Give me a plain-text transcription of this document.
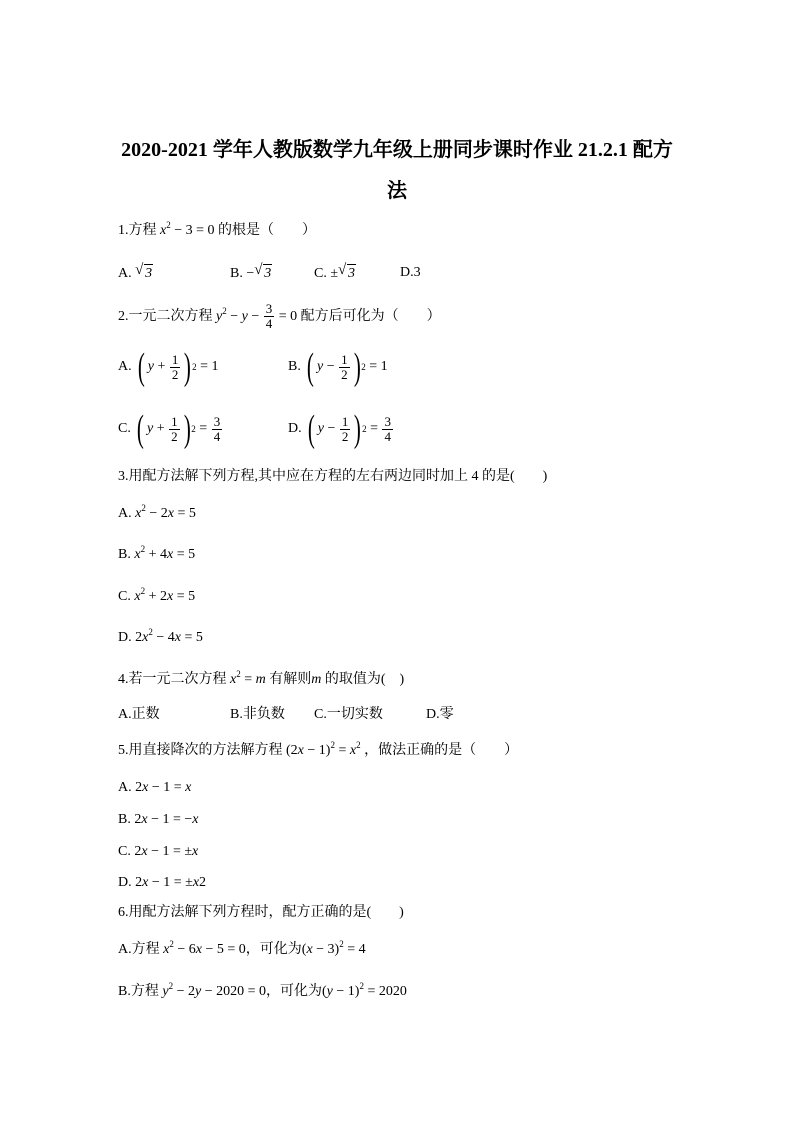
2020-2021 学年人教版数学九年级上册同步课时作业 21.2.1 配方
法
1.方程 $x^2 - 3 = 0$ 的根是（　　）
A. √ 3	B. − √ 3	C. ± √ 3	D.3
2.一元二次方程 $y^2 - y - \frac{3}{4} = 0$ 配方后可化为（　　）
A. ( $y + \frac{1}{2}$ ) 2 = 1	B. ( $y - \frac{1}{2}$ ) 2 = 1
C. ( $y + \frac{1}{2}$ ) $2 = \frac{3}{4}$	D. ( $y - \frac{1}{2}$ ) $2 = \frac{3}{4}$
3.用配方法解下列方程,其中应在方程的左右两边同时加上 4 的是(　　)
A. $x^2 - 2x = 5$
B. $x^2 + 4x = 5$
C. $x^2 + 2x = 5$
D. $2x^2 - 4x = 5$
4.若一元二次方程 $x^2 = m$ 有解则m 的取值为(　)
A.正数	B.非负数 C.一切实数	D.零
5.用直接降次的方法解方程 $(2x - 1)^2 = x^2$ ，做法正确的是（　　）
A. 2x − 1 = x
B. 2x − 1 = −x
C. 2x − 1 = ±x
D. 2x − 1 = ±x2
6.用配方法解下列方程时，配方正确的是(　　)
A.方程 $x^2 - 6x - 5 = 0$，可化为$(x - 3)^2 = 4$
B.方程 $y^2 - 2y - 2020 = 0$，可化为$(y - 1)^2 = 2020$
